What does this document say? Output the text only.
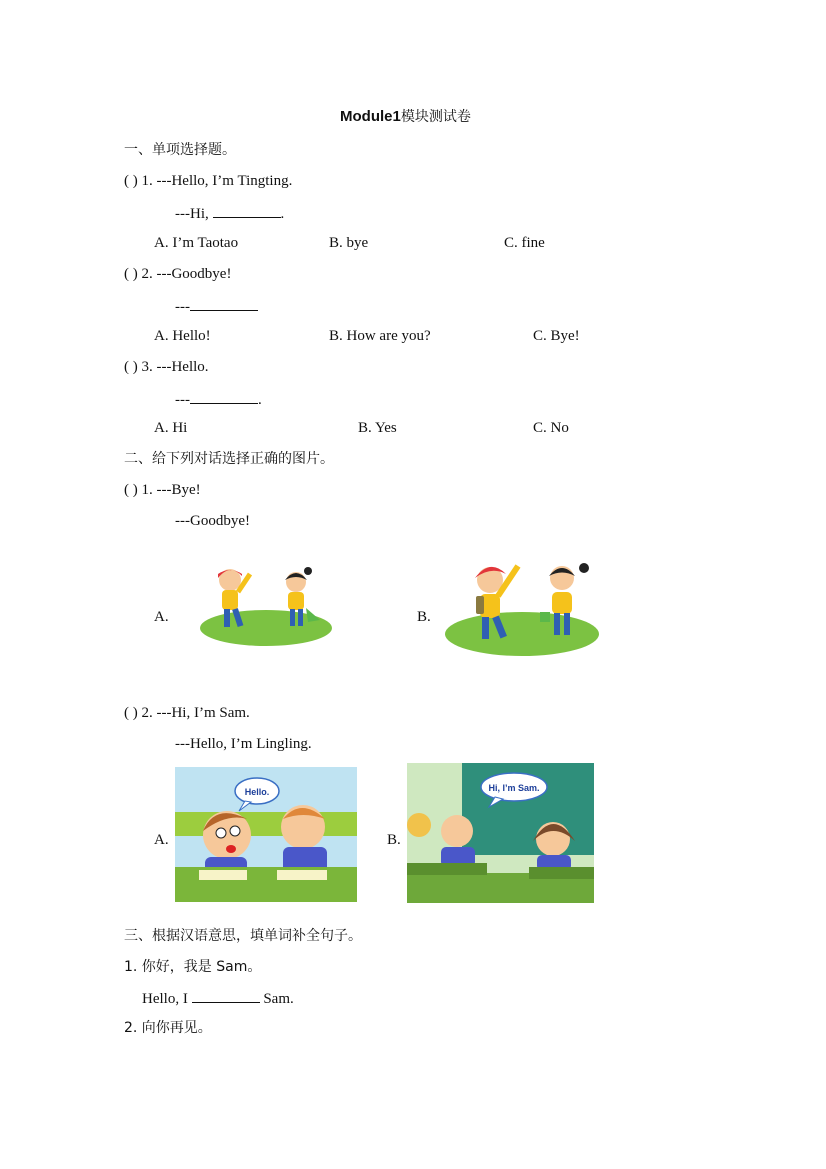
Module1模块测试卷
一、单项选择题。
( ) 1. ---Hello, I’m Tingting.
---Hi,	.
A. I’m Taotao	B. bye	C. fine
( ) 2. ---Goodbye!
---
A. Hello!	B. How are you?	C. Bye!
( ) 3. ---Hello.
---	.
A. Hi	B. Yes	C. No
二、给下列对话选择正确的图片。
( ) 1. ---Bye!
---Goodbye!
A.	B.
( ) 2. ---Hi, I’m Sam.
---Hello, I’m Lingling.
A.
Hello.
B.
Hi, I’m Sam.
三、根据汉语意思，填单词补全句子。
1. 你好，我是 Sam。
Hello, I	Sam.
2. 向你再见。
